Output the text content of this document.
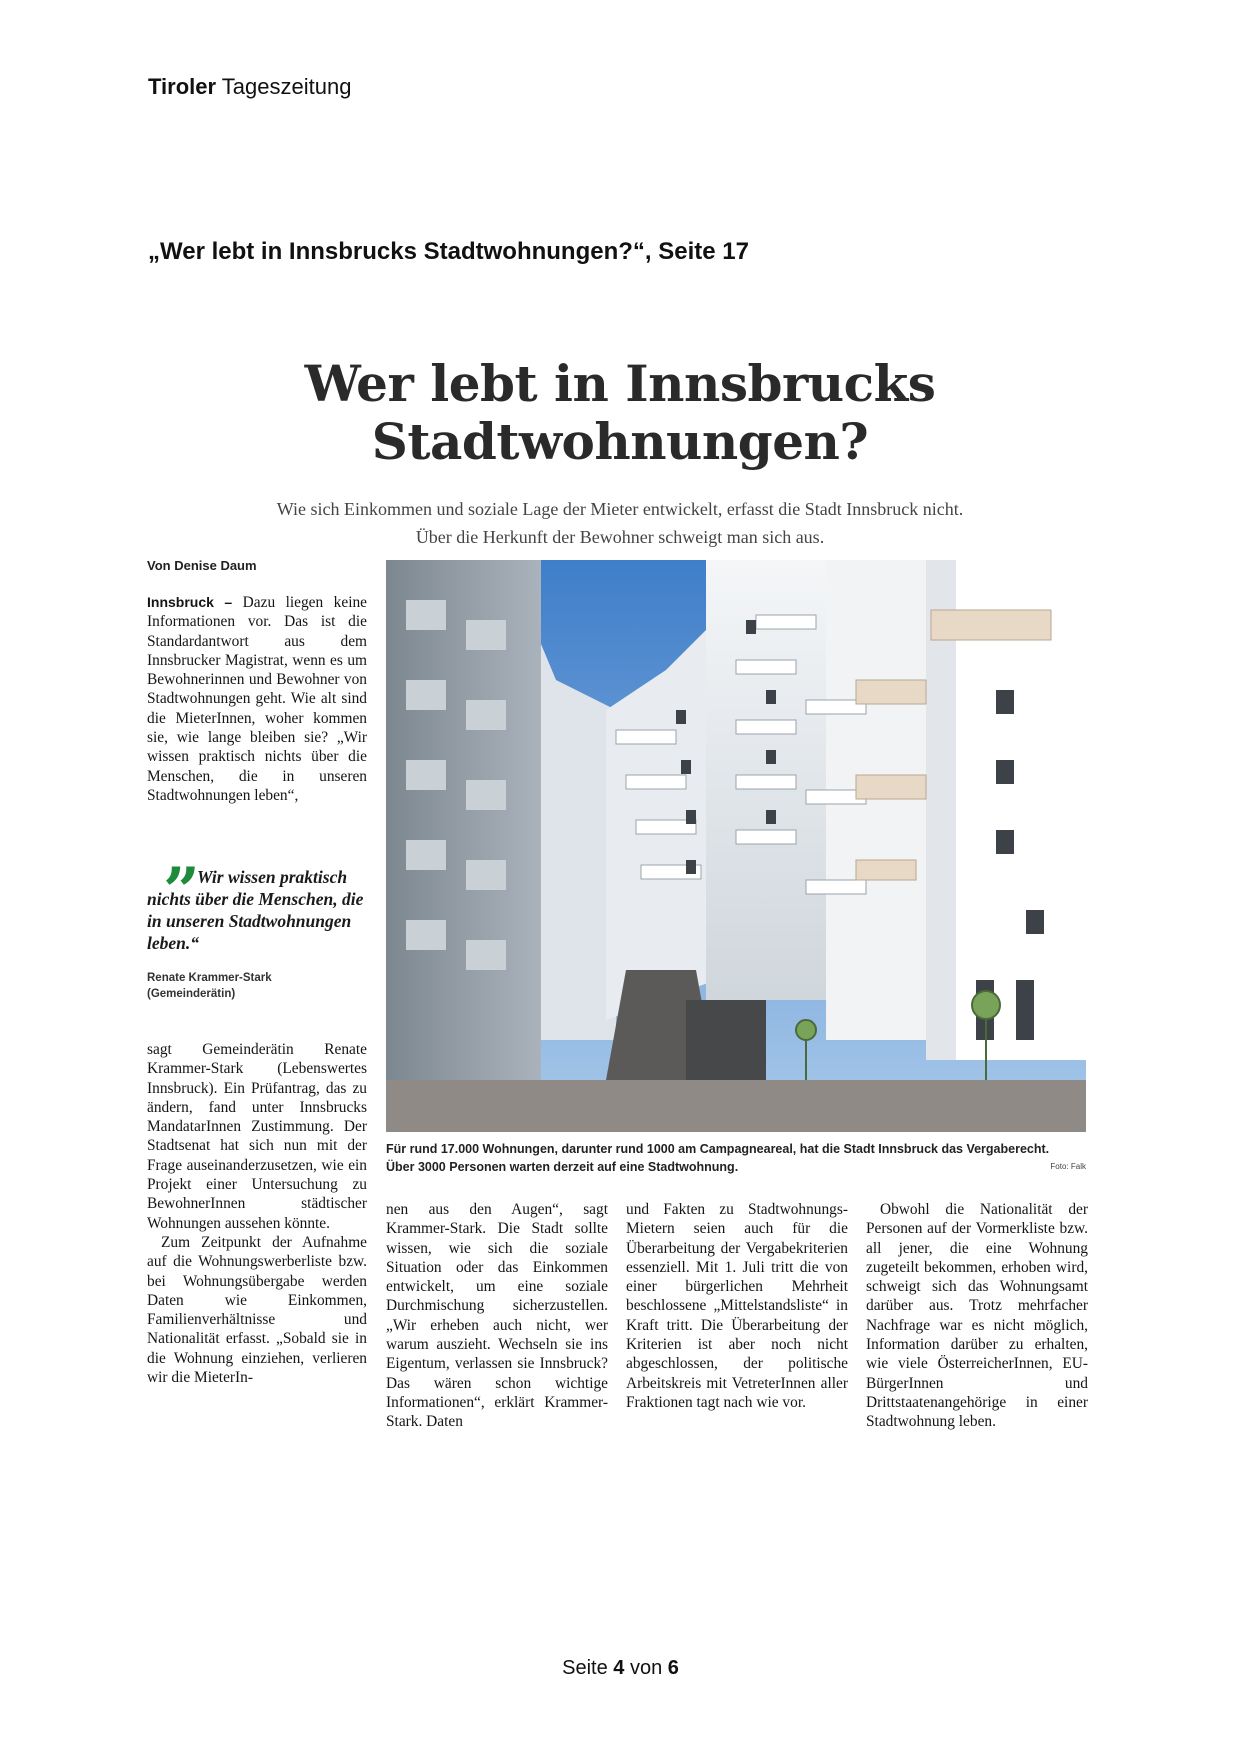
Tiroler Tageszeitung
„Wer lebt in Innsbrucks Stadtwohnungen?“, Seite 17
Wer lebt in Innsbrucks
Stadtwohnungen?

Wie sich Einkommen und soziale Lage der Mieter entwickelt, erfasst die Stadt Innsbruck nicht. Über die Herkunft der Bewohner schweigt man sich aus.

Von Denise Daum

Innsbruck – Dazu liegen keine Informationen vor. Das ist die Standardantwort aus dem Innsbrucker Magistrat, wenn es um Bewohnerinnen und Bewohner von Stadtwohnungen geht. Wie alt sind die MieterInnen, woher kommen sie, wie lange bleiben sie? „Wir wissen praktisch nichts über die Menschen, die in unseren Stadtwohnungen leben“,

”

Wir wissen praktisch nichts über die Menschen, die in unseren Stadtwohnungen leben.“

Renate Krammer-Stark
(Gemeinderätin)

sagt Gemeinderätin Renate Krammer-Stark (Lebenswertes Innsbruck). Ein Prüfantrag, das zu ändern, fand unter Innsbrucks MandatarInnen Zustimmung. Der Stadtsenat hat sich nun mit der Frage auseinanderzusetzen, wie ein Projekt einer Untersuchung zu BewohnerInnen städtischer Wohnungen aussehen könnte.

Zum Zeitpunkt der Aufnahme auf die Wohnungswerberliste bzw. bei Wohnungsübergabe werden Daten wie Einkommen, Familienverhältnisse und Nationalität erfasst. „Sobald sie in die Wohnung einziehen, verlieren wir die MieterIn-

Für rund 17.000 Wohnungen, darunter rund 1000 am Campagneareal, hat die Stadt Innsbruck das Vergaberecht. Über 3000 Personen warten derzeit auf eine Stadtwohnung.	Foto: Falk

nen aus den Augen“, sagt Krammer-Stark. Die Stadt sollte wissen, wie sich die soziale Situation oder das Einkommen entwickelt, um eine soziale Durchmischung sicherzustellen. „Wir erheben auch nicht, wer warum auszieht. Wechseln sie ins Eigentum, verlassen sie Innsbruck? Das wären schon wichtige Informationen“, erklärt Krammer-Stark. Daten

und Fakten zu Stadtwohnungs-Mietern seien auch für die Überarbeitung der Vergabekriterien essenziell. Mit 1. Juli tritt die von einer bürgerlichen Mehrheit beschlossene „Mittelstandsliste“ in Kraft tritt. Die Überarbeitung der Kriterien ist aber noch nicht abgeschlossen, der politische Arbeitskreis mit VetreterInnen aller Fraktionen tagt nach wie vor.

Obwohl die Nationalität der Personen auf der Vormerkliste bzw. all jener, die eine Wohnung zugeteilt bekommen, erhoben wird, schweigt sich das Wohnungsamt darüber aus. Trotz mehrfacher Nachfrage war es nicht möglich, Information darüber zu erhalten, wie viele ÖsterreicherInnen, EU-BürgerInnen und Drittstaatenangehörige in einer Stadtwohnung leben.

Seite 4 von 6
